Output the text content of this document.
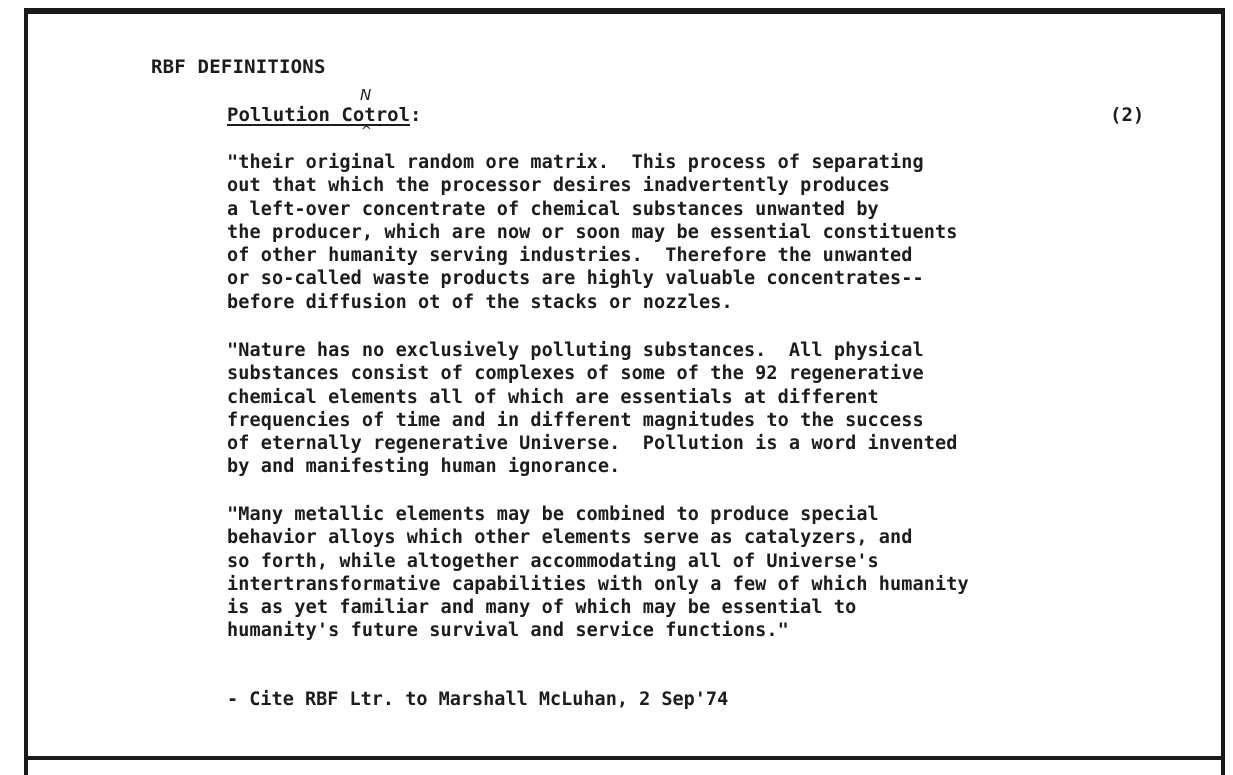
RBF DEFINITIONS
Pollution Cotrol:
N
^
(2)
"their original random ore matrix.  This process of separating
out that which the processor desires inadvertently produces
a left-over concentrate of chemical substances unwanted by
the producer, which are now or soon may be essential constituents
of other humanity serving industries.  Therefore the unwanted
or so-called waste products are highly valuable concentrates--
before diffusion ot of the stacks or nozzles.
"Nature has no exclusively polluting substances.  All physical
substances consist of complexes of some of the 92 regenerative
chemical elements all of which are essentials at different
frequencies of time and in different magnitudes to the success
of eternally regenerative Universe.  Pollution is a word invented
by and manifesting human ignorance.
"Many metallic elements may be combined to produce special
behavior alloys which other elements serve as catalyzers, and
so forth, while altogether accommodating all of Universe's
intertransformative capabilities with only a few of which humanity
is as yet familiar and many of which may be essential to
humanity's future survival and service functions."
- Cite RBF Ltr. to Marshall McLuhan, 2 Sep'74
